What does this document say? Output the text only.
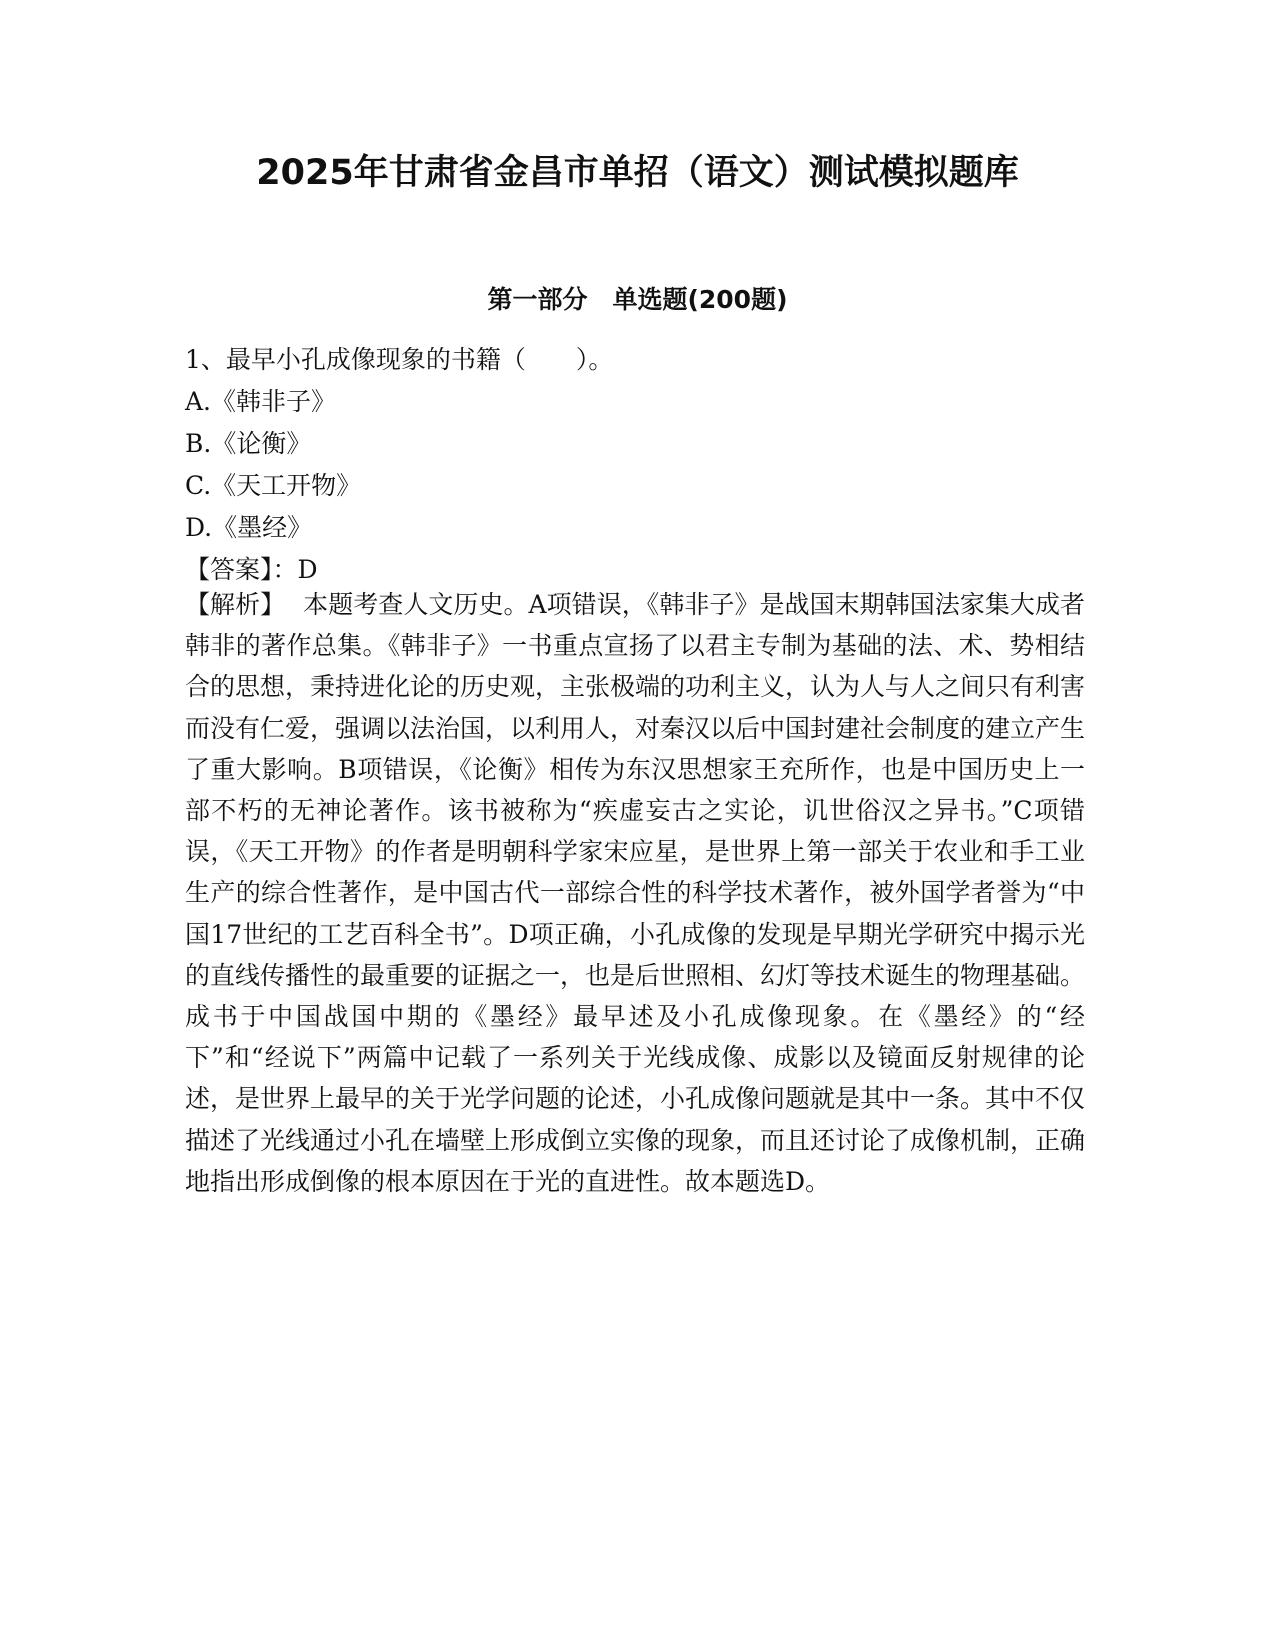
2025年甘肃省金昌市单招（语文）测试模拟题库
第一部分　单选题(200题)
1、最早小孔成像现象的书籍（　　）。
A.《韩非子》
B.《论衡》
C.《天工开物》
D.《墨经》
【答案】：D
【解析】 本题考查人文历史。A项错误，《韩非子》是战国末期韩国法家集大成者韩非的著作总集。《韩非子》一书重点宣扬了以君主专制为基础的法、术、势相结合的思想，秉持进化论的历史观，主张极端的功利主义，认为人与人之间只有利害而没有仁爱，强调以法治国，以利用人，对秦汉以后中国封建社会制度的建立产生了重大影响。B项错误，《论衡》相传为东汉思想家王充所作，也是中国历史上一部不朽的无神论著作。该书被称为“疾虚妄古之实论，讥世俗汉之异书。”C项错误，《天工开物》的作者是明朝科学家宋应星，是世界上第一部关于农业和手工业生产的综合性著作，是中国古代一部综合性的科学技术著作，被外国学者誉为“中国17世纪的工艺百科全书”。D项正确，小孔成像的发现是早期光学研究中揭示光的直线传播性的最重要的证据之一，也是后世照相、幻灯等技术诞生的物理基础。成书于中国战国中期的《墨经》最早述及小孔成像现象。在《墨经》的“经下”和“经说下”两篇中记载了一系列关于光线成像、成影以及镜面反射规律的论述，是世界上最早的关于光学问题的论述，小孔成像问题就是其中一条。其中不仅描述了光线通过小孔在墙壁上形成倒立实像的现象，而且还讨论了成像机制，正确地指出形成倒像的根本原因在于光的直进性。故本题选D。
